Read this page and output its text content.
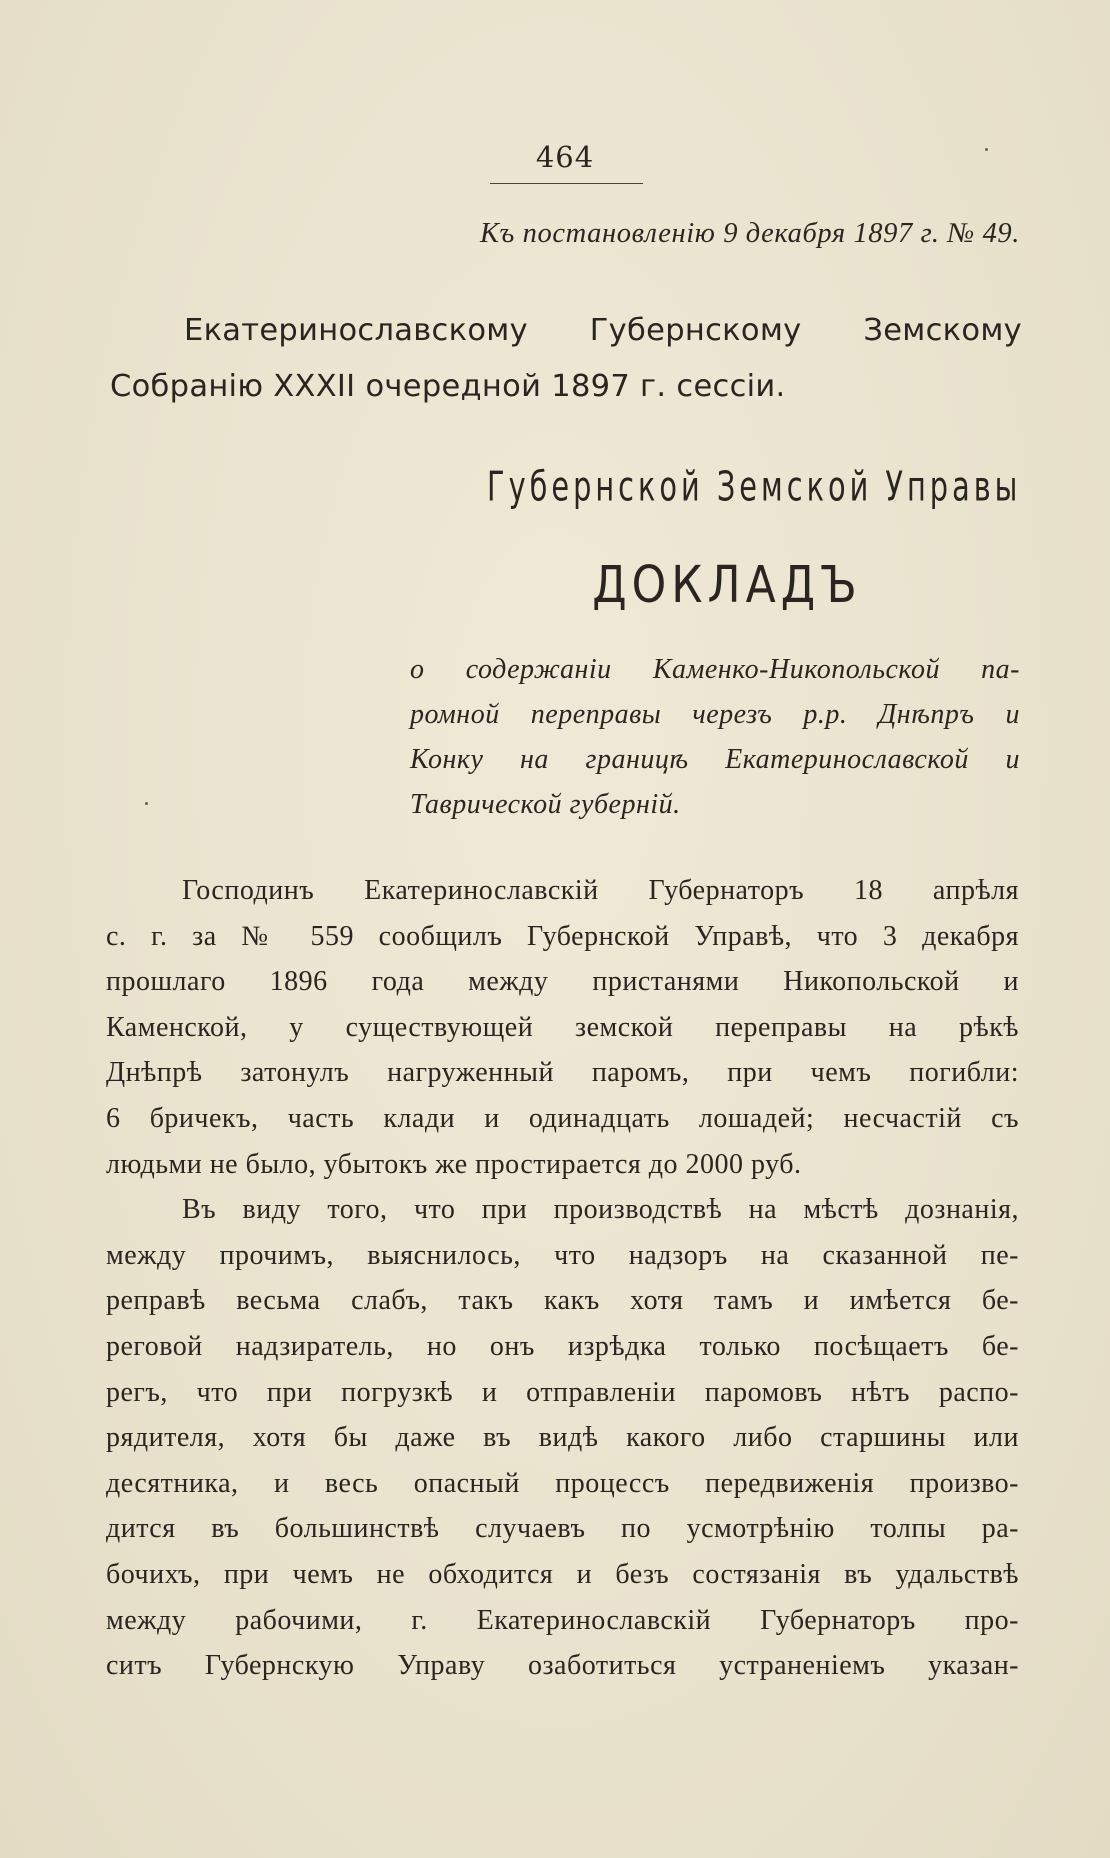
464
Къ постановленію 9 декабря 1897 г. № 49.
Екатеринославскому Губернскому Земскому
Собранію XXXII очередной 1897 г. сессіи.
Губернской Земской Управы
ДОКЛАДЪ
о содержаніи Каменко-Никопольской па-
ромной переправы черезъ р.р. Днѣпръ и
Конку на границѣ Екатеринославской и
Таврической губерній.
Господинъ Екатеринославскій Губернаторъ 18 апрѣля
с. г. за № 559 сообщилъ Губернской Управѣ, что 3 декабря
прошлаго 1896 года между пристанями Никопольской и
Каменской, у существующей земской переправы на рѣкѣ
Днѣпрѣ затонулъ нагруженный паромъ, при чемъ погибли:
6 бричекъ, часть клади и одинадцать лошадей; несчастій съ
людьми не было, убытокъ же простирается до 2000 руб.
Въ виду того, что при производствѣ на мѣстѣ дознанія,
между прочимъ, выяснилось, что надзоръ на сказанной пе-
реправѣ весьма слабъ, такъ какъ хотя тамъ и имѣется бе-
реговой надзиратель, но онъ изрѣдка только посѣщаетъ бе-
регъ, что при погрузкѣ и отправленіи паромовъ нѣтъ распо-
рядителя, хотя бы даже въ видѣ какого либо старшины или
десятника, и весь опасный процессъ передвиженія произво-
дится въ большинствѣ случаевъ по усмотрѣнію толпы ра-
бочихъ, при чемъ не обходится и безъ состязанія въ удальствѣ
между рабочими, г. Екатеринославскій Губернаторъ про-
ситъ Губернскую Управу озаботиться устраненіемъ указан-
